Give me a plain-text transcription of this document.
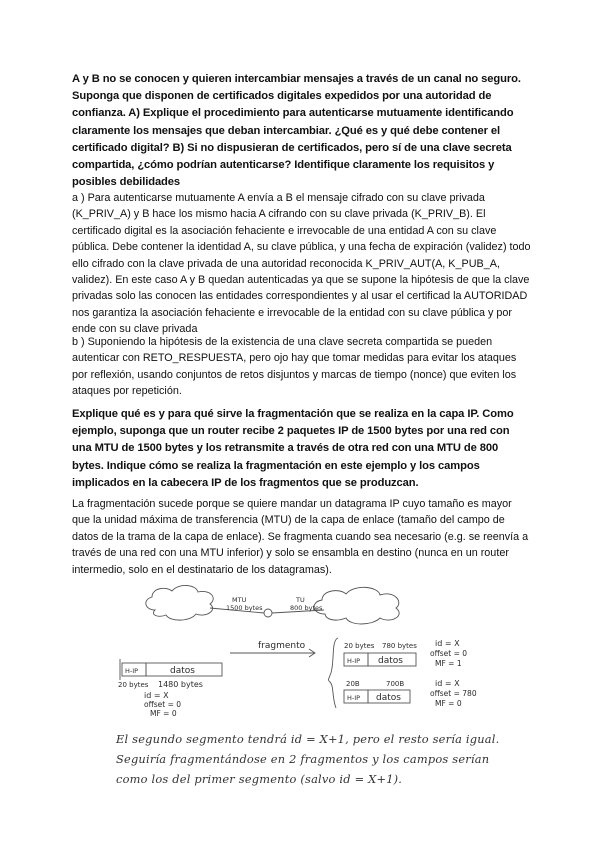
A y B no se conocen y quieren intercambiar mensajes a través de un canal no seguro. Suponga que disponen de certificados digitales expedidos por una autoridad de confianza. A) Explique el procedimiento para autenticarse mutuamente identificando claramente los mensajes que deban intercambiar. ¿Qué es y qué debe contener el certificado digital? B) Si no dispusieran de certificados, pero sí de una clave secreta compartida, ¿cómo podrían autenticarse? Identifique claramente los requisitos y posibles debilidades

a ) Para autenticarse mutuamente A envía a B el mensaje cifrado con su clave privada (K_PRIV_A) y B hace los mismo hacia A cifrando con su clave privada (K_PRIV_B). El certificado digital es la asociación fehaciente e irrevocable de una entidad A con su clave pública. Debe contener la identidad A, su clave pública, y una fecha de expiración (validez) todo ello cifrado con la clave privada de una autoridad reconocida K_PRIV_AUT(A, K_PUB_A, validez). En este caso A y B quedan autenticadas ya que se supone la hipótesis de que la clave privadas solo las conocen las entidades correspondientes y al usar el certificad la AUTORIDAD nos garantiza la asociación fehaciente e irrevocable de la entidad con su clave pública y por ende con su clave privada

b ) Suponiendo la hipótesis de la existencia de una clave secreta compartida se pueden autenticar con RETO_RESPUESTA, pero ojo hay que tomar medidas para evitar los ataques por reflexión, usando conjuntos de retos disjuntos y marcas de tiempo (nonce) que eviten los ataques por repetición.

Explique qué es y para qué sirve la fragmentación que se realiza en la capa IP. Como ejemplo, suponga que un router recibe 2 paquetes IP de 1500 bytes por una red con una MTU de 1500 bytes y los retransmite a través de otra red con una MTU de 800 bytes. Indique cómo se realiza la fragmentación en este ejemplo y los campos implicados en la cabecera IP de los fragmentos que se produzcan.

La fragmentación sucede porque se quiere mandar un datagrama IP cuyo tamaño es mayor que la unidad máxima de transferencia (MTU) de la capa de enlace (tamaño del campo de datos de la trama de la capa de enlace). Se fragmenta cuando sea necesario (e.g. se reenvía a través de una red con una MTU inferior) y solo se ensambla en destino (nunca en un router intermedio, solo en el destinatario de los datagramas).

MTU
1500 bytes
TU
800 bytes
fragmento
H-IP	datos
20 bytes 1480 bytes
id = X
offset = 0
MF = 0
20 bytes 780 bytes
H-IP datos
id = X
offset = 0
MF = 1
20B	700B
H-IP datos
id = X
offset = 780
MF = 0

El segundo segmento tendrá id = X+1, pero el resto sería igual. Seguiría fragmentándose en 2 fragmentos y los campos serían como los del primer segmento (salvo id = X+1).
